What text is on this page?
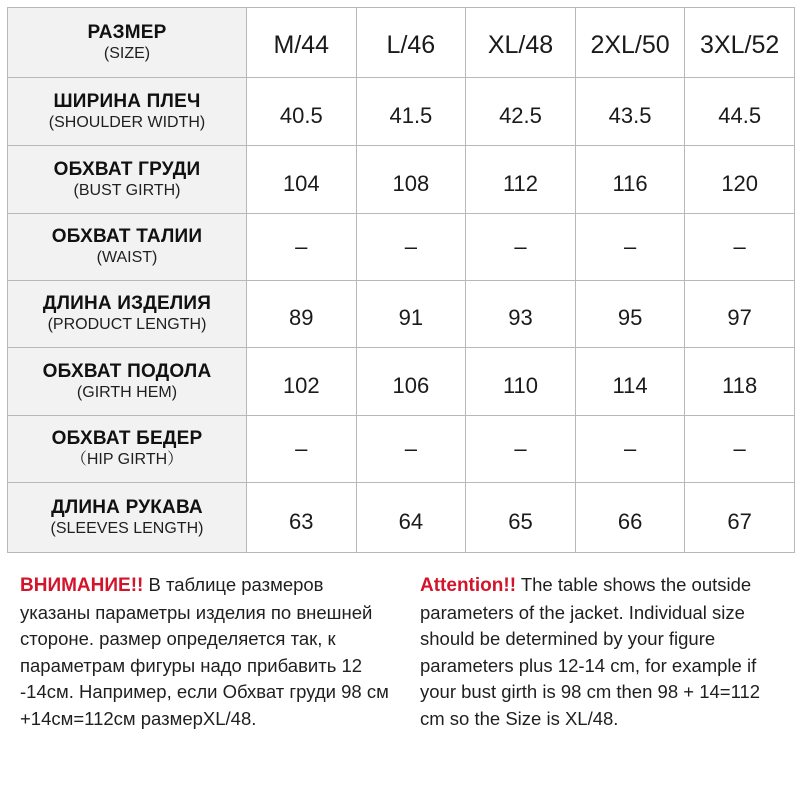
РАЗМЕР
(SIZE)	M/44	L/46	XL/48	2XL/50	3XL/52

ШИРИНА ПЛЕЧ
(SHOULDER WIDTH)	40.5	41.5	42.5	43.5	44.5

ОБХВАТ ГРУДИ
(BUST GIRTH)	104	108	112	116	120

ОБХВАТ ТАЛИИ
(WAIST)	–	–	–	–	–

ДЛИНА ИЗДЕЛИЯ
(PRODUCT LENGTH)	89	91	93	95	97

ОБХВАТ ПОДОЛА
(GIRTH HEM)	102	106	110	114	118

ОБХВАТ БЕДЕР
（HIP GIRTH）	–	–	–	–	–

ДЛИНА РУКАВА
(SLEEVES LENGTH)	63	64	65	66	67
ВНИМАНИЕ!! В таблице размеров указаны параметры изделия по внешней стороне. размер определяется так, к параметрам фигуры надо прибавить 12 -14см. Например, если Обхват груди 98 см +14см=112см размерXL/48.
Attention!! The table shows the outside parameters of the jacket. Individual size should be determined by your figure parameters plus 12-14 cm, for example if your bust girth is 98 cm then 98 + 14=112 cm so the Size is XL/48.
